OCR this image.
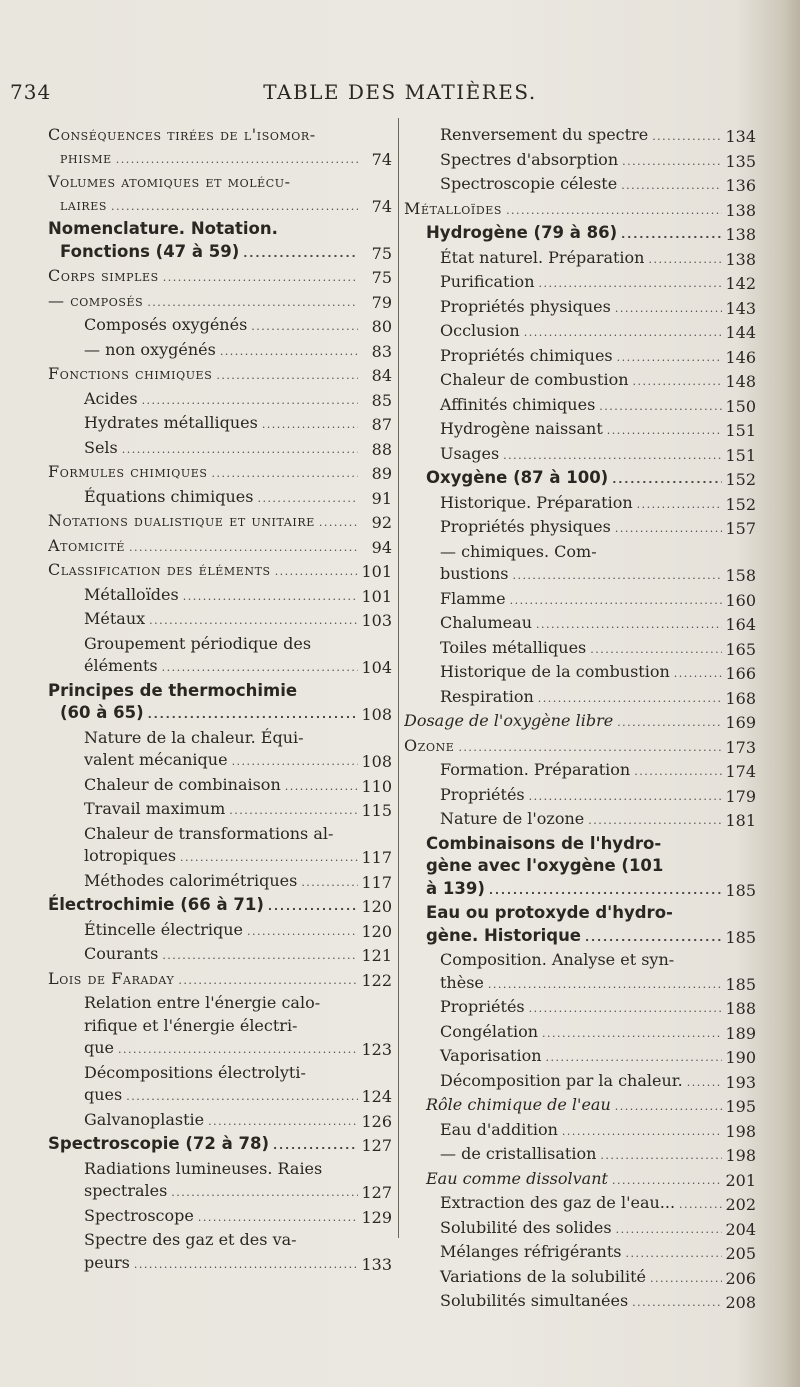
734	TABLE DES MATIÈRES.
Conséquences tirées de l'isomor-
phisme . . .	74
Volumes atomiques et molécu-
laires . . .	74
Nomenclature. Notation.
Fonctions (47 à 59) . . .	75
Corps simples . . .	75
— composés . . .	79
Composés oxygénés . . .	80
— non oxygénés . . .	83
Fonctions chimiques . . .	84
Acides . . .	85
Hydrates métalliques . . .	87
Sels . . .	88
Formules chimiques . . .	89
Équations chimiques . . .	91
Notations dualistique et unitaire . . .	92
Atomicité . . .	94
Classification des éléments . . .	101
Métalloïdes . . .	101
Métaux . . .	103
Groupement périodique des
éléments . . .	104
Principes de thermochimie
(60 à 65) . . .	108
Nature de la chaleur. Équi-
valent mécanique . . .	108
Chaleur de combinaison . . .	110
Travail maximum . . .	115
Chaleur de transformations al-
lotropiques . . .	117
Méthodes calorimétriques . . .	117
Électrochimie (66 à 71) . . .	120
Étincelle électrique . . .	120
Courants . . .	121
Lois de Faraday . . .	122
Relation entre l'énergie calo-
rifique et l'énergie électri-
que . . .	123
Décompositions électrolyti-
ques . . .	124
Galvanoplastie . . .	126
Spectroscopie (72 à 78) . . .	127
Radiations lumineuses. Raies
spectrales . . .	127
Spectroscope . . .	129
Spectre des gaz et des va-
peurs . . .	133
Renversement du spectre . . .	134
Spectres d'absorption . . .	135
Spectroscopie céleste . . .	136
Métalloïdes . . .	138
Hydrogène (79 à 86) . . .	138
État naturel. Préparation . . .	138
Purification . . .	142
Propriétés physiques . . .	143
Occlusion . . .	144
Propriétés chimiques . . .	146
Chaleur de combustion . . .	148
Affinités chimiques . . .	150
Hydrogène naissant . . .	151
Usages . . .	151
Oxygène (87 à 100) . . .	152
Historique. Préparation . . .	152
Propriétés physiques . . .	157
— chimiques. Com-
bustions . . .	158
Flamme . . .	160
Chalumeau . . .	164
Toiles métalliques . . .	165
Historique de la combustion . . .	166
Respiration . . .	168
Dosage de l'oxygène libre . . .	169
Ozone . . .	173
Formation. Préparation . . .	174
Propriétés . . .	179
Nature de l'ozone . . .	181
Combinaisons de l'hydro-
gène avec l'oxygène (101
à 139) . . .	185
Eau ou protoxyde d'hydro-
gène. Historique . . .	185
Composition. Analyse et syn-
thèse . . .	185
Propriétés . . .	188
Congélation . . .	189
Vaporisation . . .	190
Décomposition par la chaleur. . . .	193
Rôle chimique de l'eau . . .	195
Eau d'addition . . .	198
— de cristallisation . . .	198
Eau comme dissolvant . . .	201
Extraction des gaz de l'eau... . . .	202
Solubilité des solides . . .	204
Mélanges réfrigérants . . .	205
Variations de la solubilité . . .	206
Solubilités simultanées . . .	208
